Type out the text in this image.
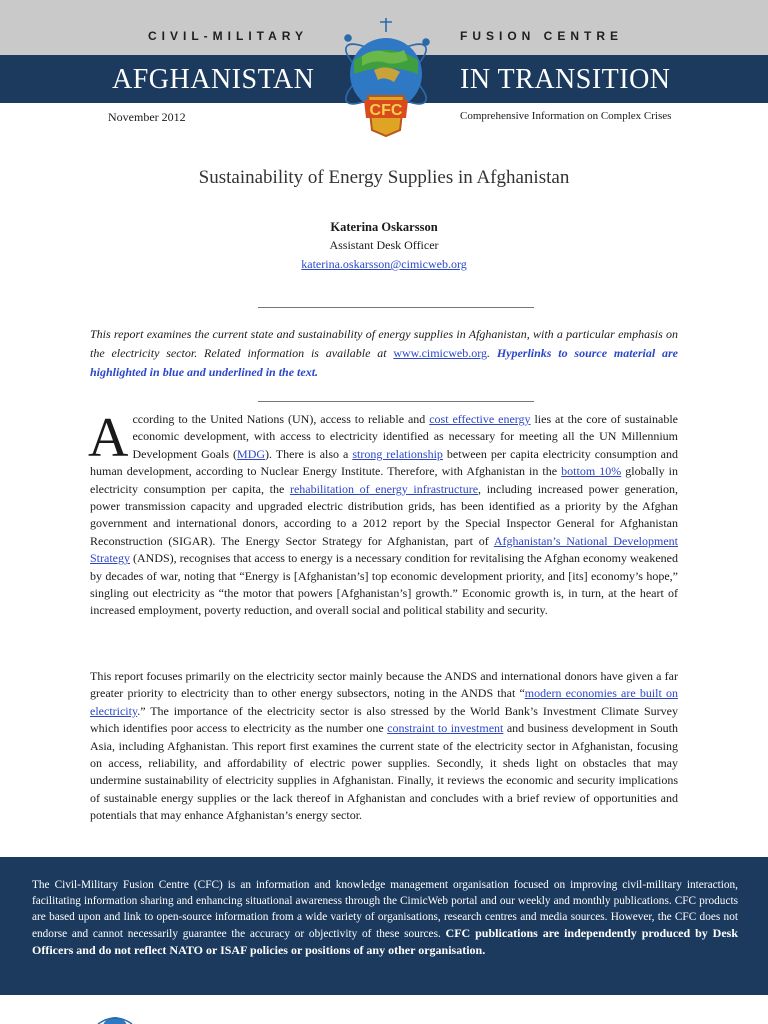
CIVIL-MILITARY	FUSION CENTRE
AFGHANISTAN	IN TRANSITION
CFC
November 2012	Comprehensive Information on Complex Crises
Sustainability of Energy Supplies in Afghanistan
Katerina Oskarsson
Assistant Desk Officer
katerina.oskarsson@cimicweb.org
This report examines the current state and sustainability of energy supplies in Afghanistan, with a particular emphasis on the electricity sector. Related information is available at www.cimicweb.org. Hyperlinks to source material are highlighted in blue and underlined in the text.
According to the United Nations (UN), access to reliable and cost effective energy lies at the core of sustainable economic development, with access to electricity identified as necessary for meeting all the UN Millennium Development Goals (MDG). There is also a strong relationship between per capita electricity consumption and human development, according to Nuclear Energy Institute. Therefore, with Afghanistan in the bottom 10% globally in electricity consumption per capita, the rehabilitation of energy infrastructure, including increased power generation, power transmission capacity and upgraded electric distribution grids, has been identified as a priority by the Afghan government and international donors, according to a 2012 report by the Special Inspector General for Afghanistan Reconstruction (SIGAR). The Energy Sector Strategy for Afghanistan, part of Afghanistan’s National Development Strategy (ANDS), recognises that access to energy is a necessary condition for revitalising the Afghan economy weakened by decades of war, noting that “Energy is [Afghanistan’s] top economic development priority, and [its] economy’s hope,” singling out electricity as “the motor that powers [Afghanistan’s] growth.” Economic growth is, in turn, at the heart of increased employment, poverty reduction, and overall social and political stability and security.
This report focuses primarily on the electricity sector mainly because the ANDS and international donors have given a far greater priority to electricity than to other energy subsectors, noting in the ANDS that “modern economies are built on electricity.” The importance of the electricity sector is also stressed by the World Bank’s Investment Climate Survey which identifies poor access to electricity as the number one constraint to investment and business development in South Asia, including Afghanistan. This report first examines the current state of the electricity sector in Afghanistan, focusing on access, reliability, and affordability of electric power supplies. Secondly, it sheds light on obstacles that may undermine sustainability of electricity supplies in Afghanistan. Finally, it reviews the economic and security implications of sustainable energy supplies or the lack thereof in Afghanistan and concludes with a brief review of opportunities and potentials that may enhance Afghanistan’s energy sector.
The Civil-Military Fusion Centre (CFC) is an information and knowledge management organisation focused on improving civil-military interaction, facilitating information sharing and enhancing situational awareness through the CimicWeb portal and our weekly and monthly publications. CFC products are based upon and link to open-source information from a wide variety of organisations, research centres and media sources. However, the CFC does not endorse and cannot necessarily guarantee the accuracy or objectivity of these sources. CFC publications are independently produced by Desk Officers and do not reflect NATO or ISAF policies or positions of any other organisation.
